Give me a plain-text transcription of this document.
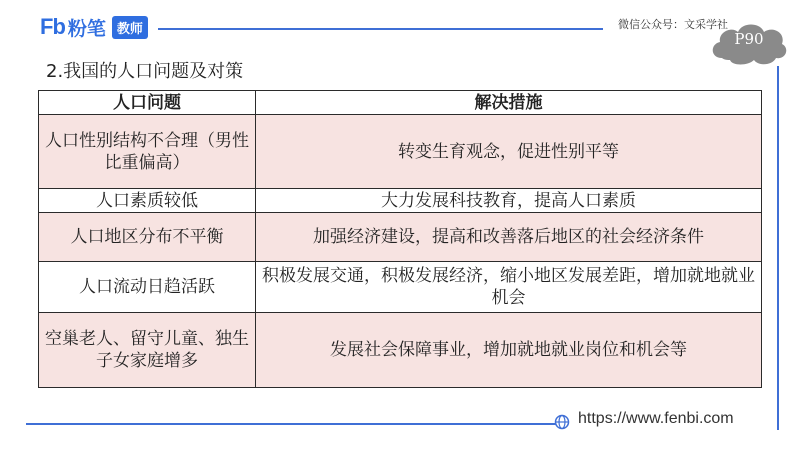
Fb 粉笔 教师	微信公众号：文采学社
P90
https://www.fenbi.com
2.我国的人口问题及对策
人口问题	解决措施
人口性别结构不合理（男性比重偏高）	转变生育观念，促进性别平等
人口素质较低	大力发展科技教育，提高人口素质
人口地区分布不平衡	加强经济建设，提高和改善落后地区的社会经济条件
人口流动日趋活跃	积极发展交通，积极发展经济，缩小地区发展差距，增加就地就业机会
空巢老人、留守儿童、独生子女家庭增多	发展社会保障事业，增加就地就业岗位和机会等
